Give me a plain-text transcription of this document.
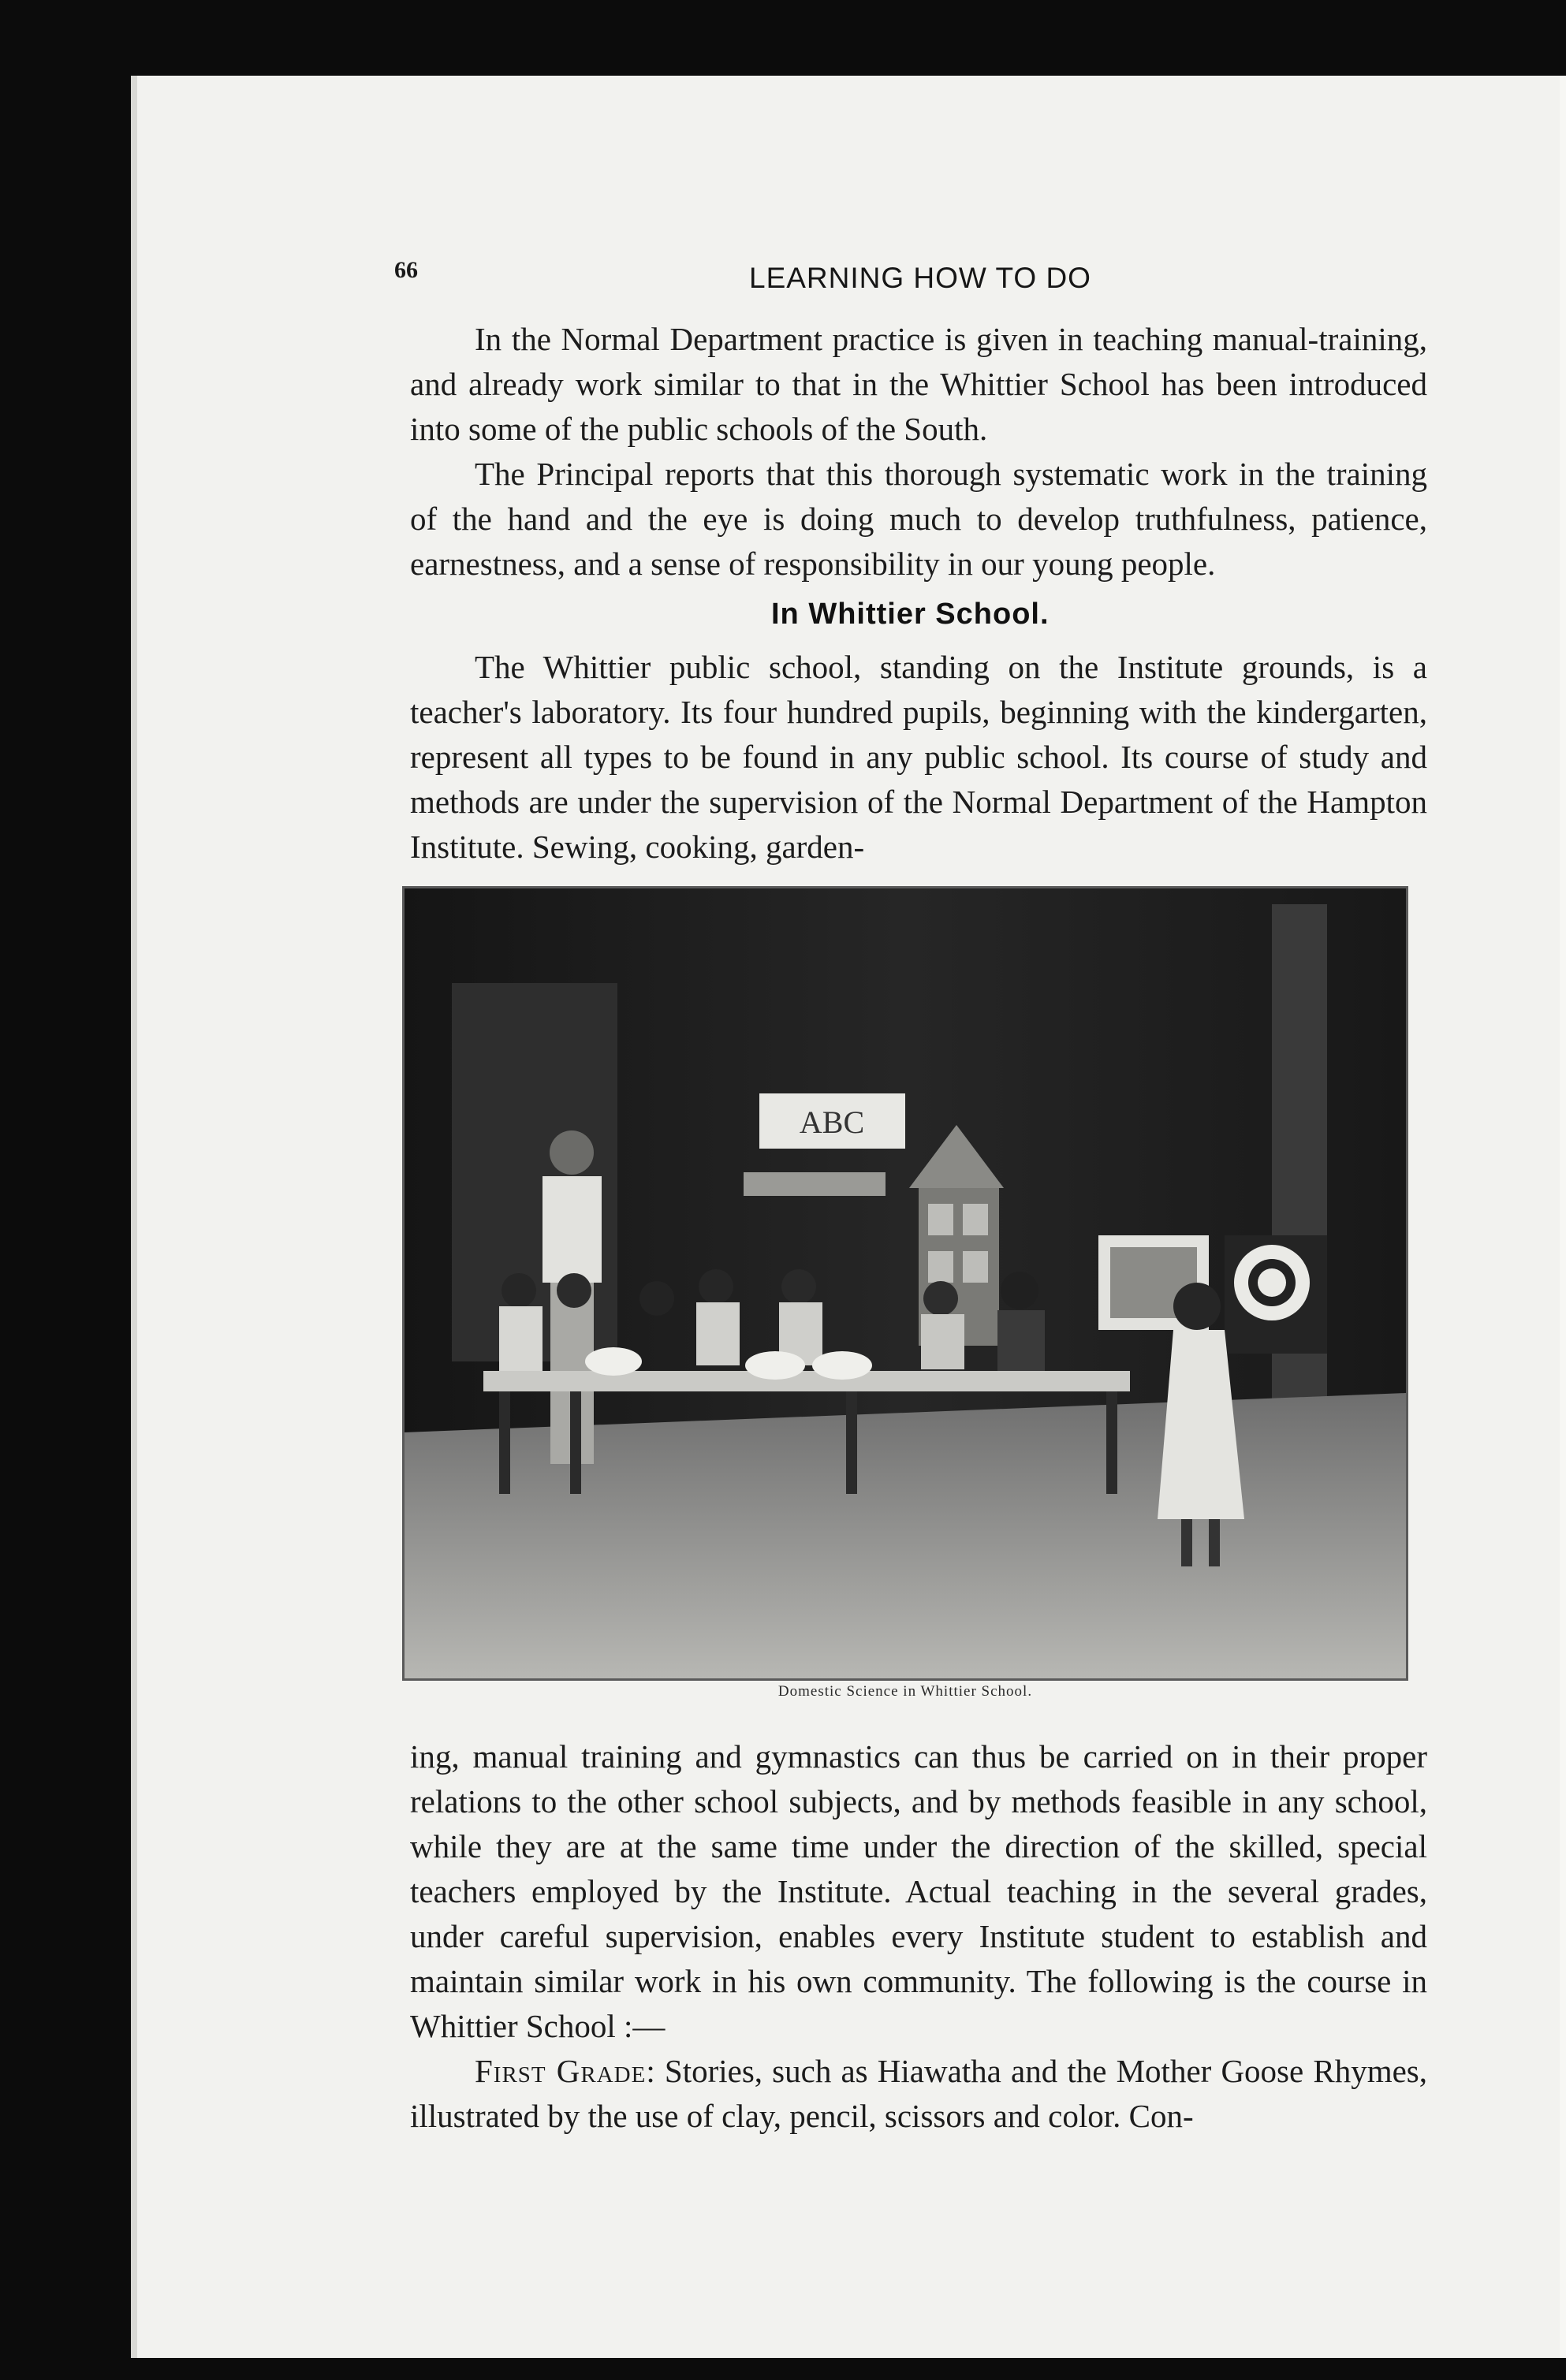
66	LEARNING HOW TO DO

In the Normal Department practice is given in teaching manual-training, and already work similar to that in the Whittier School has been introduced into some of the public schools of the South.

The Principal reports that this thorough systematic work in the training of the hand and the eye is doing much to develop truthfulness, patience, earnestness, and a sense of responsibility in our young people.

In Whittier School.

The Whittier public school, standing on the Institute grounds, is a teacher's laboratory. Its four hundred pupils, beginning with the kindergarten, represent all types to be found in any public school. Its course of study and methods are under the supervision of the Normal Department of the Hampton Institute. Sewing, cooking, garden-

ABC
Domestic Science in Whittier School.

ing, manual training and gymnastics can thus be carried on in their proper relations to the other school subjects, and by methods feasible in any school, while they are at the same time under the direction of the skilled, special teachers employed by the Institute. Actual teaching in the several grades, under careful supervision, enables every Institute student to establish and maintain similar work in his own community. The following is the course in Whittier School :—

First Grade: Stories, such as Hiawatha and the Mother Goose Rhymes, illustrated by the use of clay, pencil, scissors and color. Con-
